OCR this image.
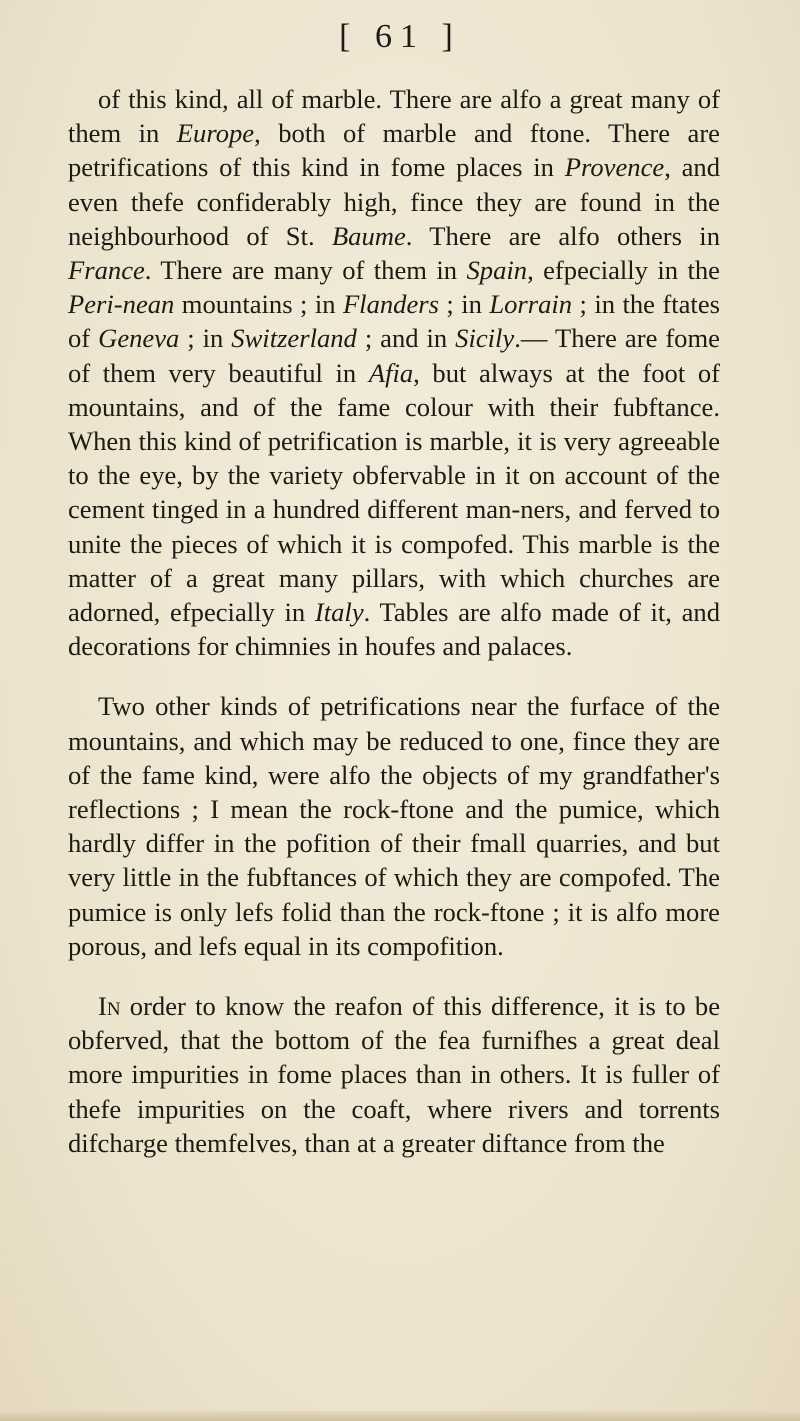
[ 61 ]

of this kind, all of marble. There are alfo a great many of them in Europe, both of marble and ftone. There are petrifications of this kind in fome places in Provence, and even thefe confiderably high, fince they are found in the neighbourhood of St. Baume. There are alfo others in France. There are many of them in Spain, efpecially in the Peri-nean mountains ; in Flanders ; in Lorrain ; in the ftates of Geneva ; in Switzerland ; and in Sicily.— There are fome of them very beautiful in Afia, but always at the foot of mountains, and of the fame colour with their fubftance. When this kind of petrification is marble, it is very agreeable to the eye, by the variety obfervable in it on account of the cement tinged in a hundred different man-ners, and ferved to unite the pieces of which it is compofed. This marble is the matter of a great many pillars, with which churches are adorned, efpecially in Italy. Tables are alfo made of it, and decorations for chimnies in houfes and palaces.

Two other kinds of petrifications near the furface of the mountains, and which may be reduced to one, fince they are of the fame kind, were alfo the objects of my grandfather's reflections ; I mean the rock-ftone and the pumice, which hardly differ in the pofition of their fmall quarries, and but very little in the fubftances of which they are compofed. The pumice is only lefs folid than the rock-ftone ; it is alfo more porous, and lefs equal in its compofition.

In order to know the reafon of this difference, it is to be obferved, that the bottom of the fea furnifhes a great deal more impurities in fome places than in others. It is fuller of thefe impurities on the coaft, where rivers and torrents difcharge themfelves, than at a greater diftance from the
